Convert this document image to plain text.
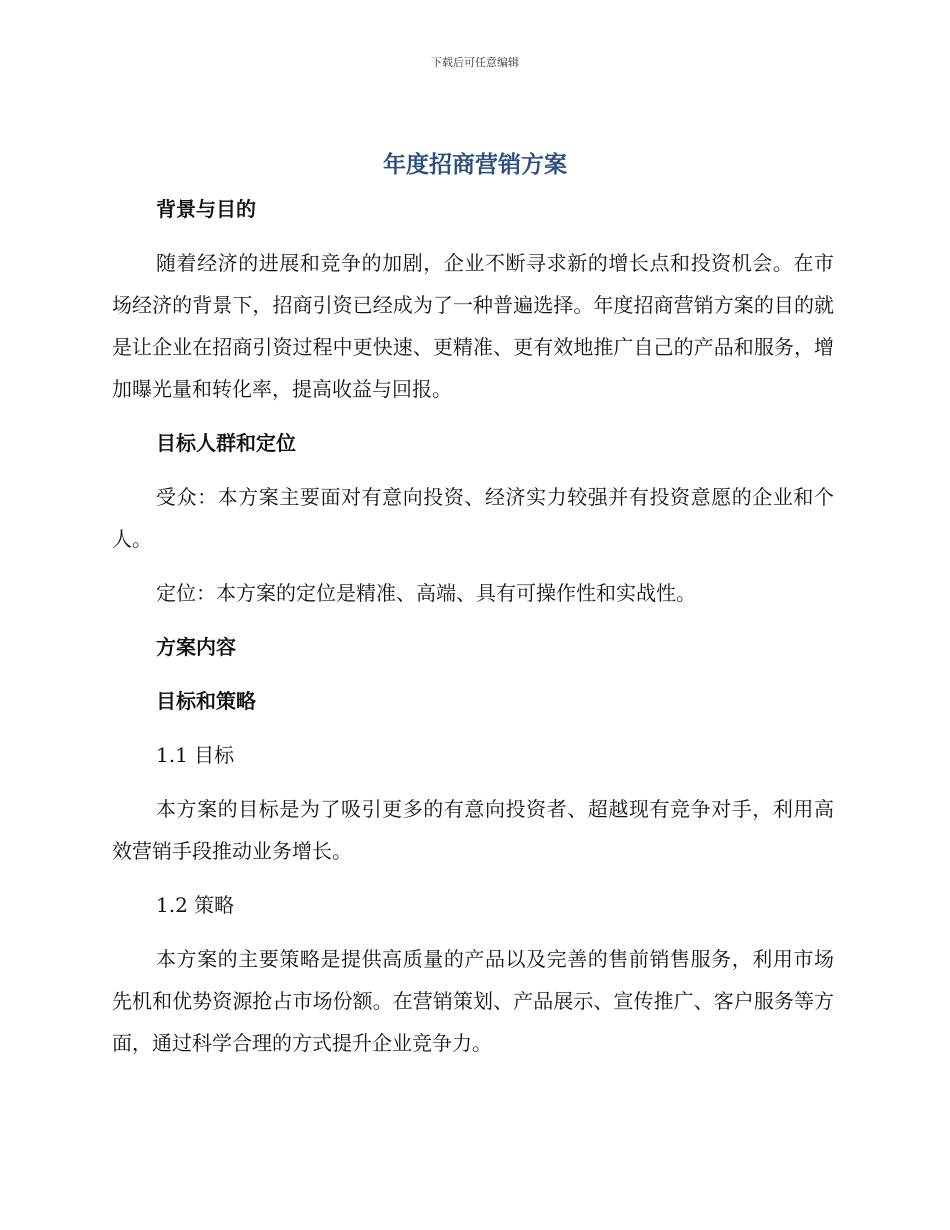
下载后可任意编辑
年度招商营销方案
背景与目的

随着经济的进展和竞争的加剧，企业不断寻求新的增长点和投资机会。在市场经济的背景下，招商引资已经成为了一种普遍选择。年度招商营销方案的目的就是让企业在招商引资过程中更快速、更精准、更有效地推广自己的产品和服务，增加曝光量和转化率，提高收益与回报。

目标人群和定位

受众：本方案主要面对有意向投资、经济实力较强并有投资意愿的企业和个人。

定位：本方案的定位是精准、高端、具有可操作性和实战性。

方案内容
目标和策略
1.1 目标

本方案的目标是为了吸引更多的有意向投资者、超越现有竞争对手，利用高效营销手段推动业务增长。

1.2 策略

本方案的主要策略是提供高质量的产品以及完善的售前销售服务，利用市场先机和优势资源抢占市场份额。在营销策划、产品展示、宣传推广、客户服务等方面，通过科学合理的方式提升企业竞争力。
